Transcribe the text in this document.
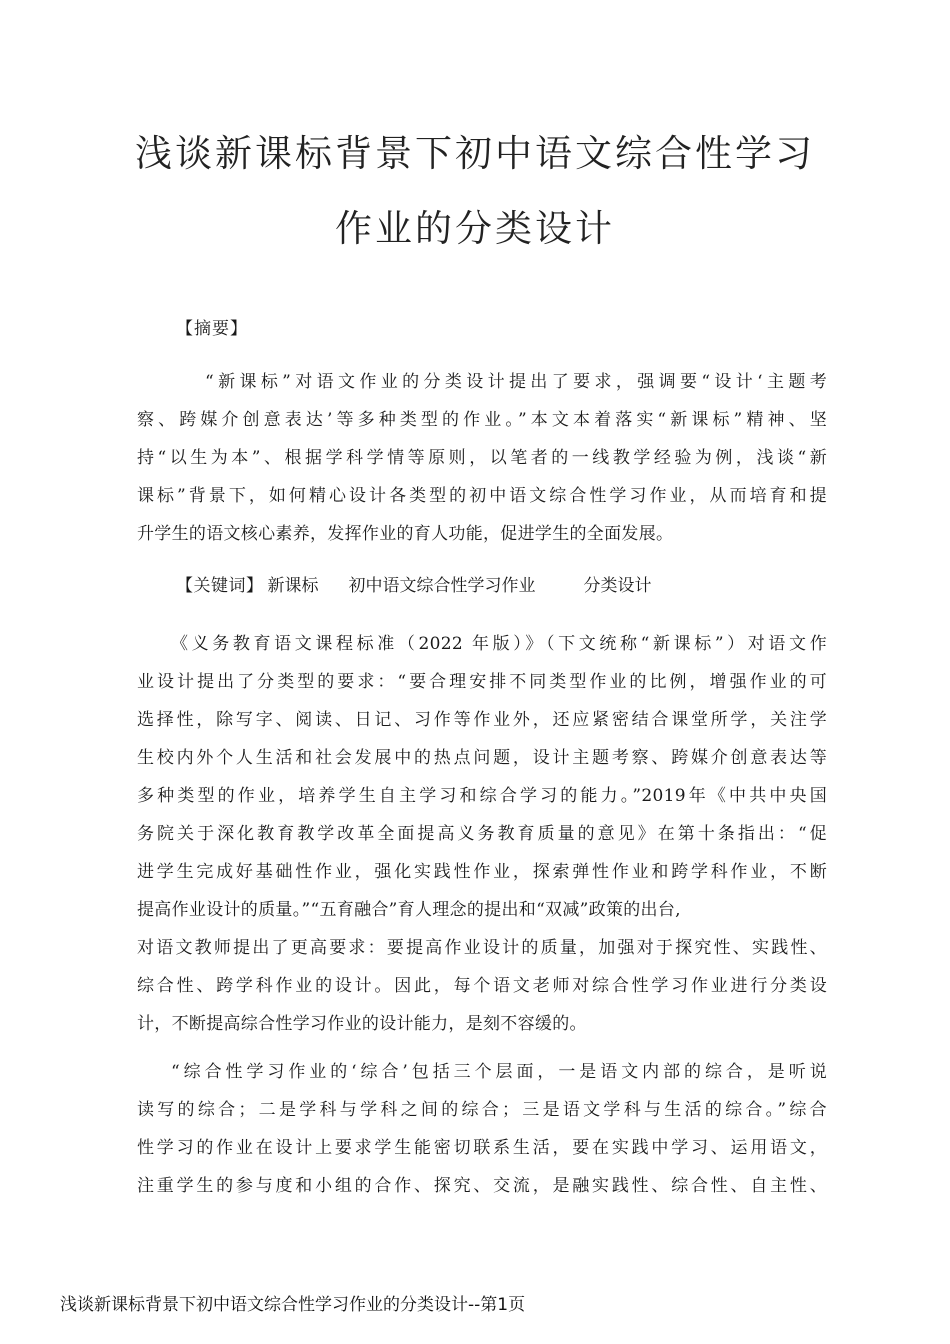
浅谈新课标背景下初中语文综合性学习
作业的分类设计
【摘要】
“新课标”对语文作业的分类设计提出了要求，强调要“设计‘主题考
察、跨媒介创意表达’等多种类型的作业。”本文本着落实“新课标”精神、坚
持“以生为本”、根据学科学情等原则，以笔者的一线教学经验为例，浅谈“新
课标”背景下，如何精心设计各类型的初中语文综合性学习作业，从而培育和提
升学生的语文核心素养，发挥作业的育人功能，促进学生的全面发展。
【关键词】 新课标 初中语文综合性学习作业	分类设计
《义务教育语文课程标准（2022 年版）》（下文统称“新课标”）对语文作
业设计提出了分类型的要求：“要合理安排不同类型作业的比例，增强作业的可
选择性，除写字、阅读、日记、习作等作业外，还应紧密结合课堂所学，关注学
生校内外个人生活和社会发展中的热点问题，设计主题考察、跨媒介创意表达等
多种类型的作业，培养学生自主学习和综合学习的能力。”2019年《中共中央国
务院关于深化教育教学改革全面提高义务教育质量的意见》在第十条指出：“促
进学生完成好基础性作业，强化实践性作业，探索弹性作业和跨学科作业，不断
提高作业设计的质量。”“五育融合”育人理念的提出和“双减”政策的出台,
对语文教师提出了更高要求：要提高作业设计的质量，加强对于探究性、实践性、
综合性、跨学科作业的设计。因此，每个语文老师对综合性学习作业进行分类设
计，不断提高综合性学习作业的设计能力，是刻不容缓的。
“综合性学习作业的‘综合’包括三个层面，一是语文内部的综合，是听说
读写的综合；二是学科与学科之间的综合；三是语文学科与生活的综合。”综合
性学习的作业在设计上要求学生能密切联系生活，要在实践中学习、运用语文，
注重学生的参与度和小组的合作、探究、交流，是融实践性、综合性、自主性、
浅谈新课标背景下初中语文综合性学习作业的分类设计--第1页
